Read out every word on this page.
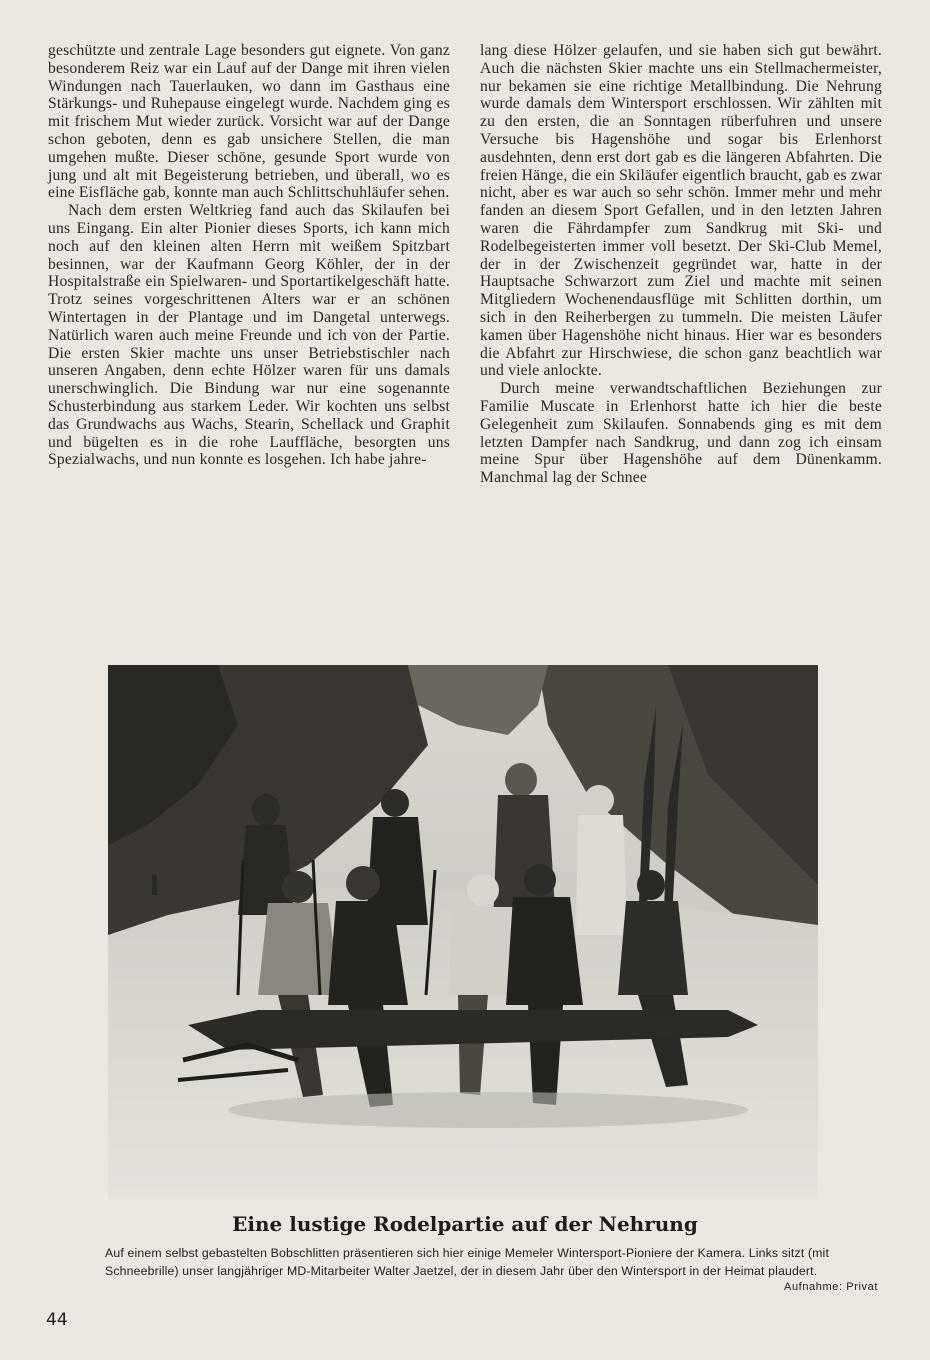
geschützte und zentrale Lage besonders gut eignete. Von ganz besonderem Reiz war ein Lauf auf der Dange mit ihren vielen Windungen nach Tauerlauken, wo dann im Gasthaus eine Stärkungs- und Ruhepause eingelegt wurde. Nachdem ging es mit frischem Mut wieder zurück. Vorsicht war auf der Dange schon geboten, denn es gab unsichere Stellen, die man umgehen mußte. Dieser schöne, gesunde Sport wurde von jung und alt mit Begeisterung betrieben, und überall, wo es eine Eisfläche gab, konnte man auch Schlittschuhläufer sehen.

Nach dem ersten Weltkrieg fand auch das Skilaufen bei uns Eingang. Ein alter Pionier dieses Sports, ich kann mich noch auf den kleinen alten Herrn mit weißem Spitzbart besinnen, war der Kaufmann Georg Köhler, der in der Hospitalstraße ein Spielwaren- und Sportartikelgeschäft hatte. Trotz seines vorgeschrittenen Alters war er an schönen Wintertagen in der Plantage und im Dangetal unterwegs. Natürlich waren auch meine Freunde und ich von der Partie. Die ersten Skier machte uns unser Betriebstischler nach unseren Angaben, denn echte Hölzer waren für uns damals unerschwinglich. Die Bindung war nur eine sogenannte Schusterbindung aus starkem Leder. Wir kochten uns selbst das Grundwachs aus Wachs, Stearin, Schellack und Graphit und bügelten es in die rohe Lauffläche, besorgten uns Spezialwachs, und nun konnte es losgehen. Ich habe jahre-

lang diese Hölzer gelaufen, und sie haben sich gut bewährt. Auch die nächsten Skier machte uns ein Stellmachermeister, nur bekamen sie eine richtige Metallbindung. Die Nehrung wurde damals dem Wintersport erschlossen. Wir zählten mit zu den ersten, die an Sonntagen rüberfuhren und unsere Versuche bis Hagenshöhe und sogar bis Erlenhorst ausdehnten, denn erst dort gab es die längeren Abfahrten. Die freien Hänge, die ein Skiläufer eigentlich braucht, gab es zwar nicht, aber es war auch so sehr schön. Immer mehr und mehr fanden an diesem Sport Gefallen, und in den letzten Jahren waren die Fährdampfer zum Sandkrug mit Ski- und Rodelbegeisterten immer voll besetzt. Der Ski-Club Memel, der in der Zwischenzeit gegründet war, hatte in der Hauptsache Schwarzort zum Ziel und machte mit seinen Mitgliedern Wochenendausflüge mit Schlitten dorthin, um sich in den Reiherbergen zu tummeln. Die meisten Läufer kamen über Hagenshöhe nicht hinaus. Hier war es besonders die Abfahrt zur Hirschwiese, die schon ganz beachtlich war und viele anlockte.

Durch meine verwandtschaftlichen Beziehungen zur Familie Muscate in Erlenhorst hatte ich hier die beste Gelegenheit zum Skilaufen. Sonnabends ging es mit dem letzten Dampfer nach Sandkrug, und dann zog ich einsam meine Spur über Hagenshöhe auf dem Dünenkamm. Manchmal lag der Schnee

Eine lustige Rodelpartie auf der Nehrung
Auf einem selbst gebastelten Bobschlitten präsentieren sich hier einige Memeler Wintersport-Pioniere der Kamera. Links sitzt (mit Schneebrille) unser langjähriger MD-Mitarbeiter Walter Jaetzel, der in diesem Jahr über den Wintersport in der Heimat plaudert.
Aufnahme: Privat
44
